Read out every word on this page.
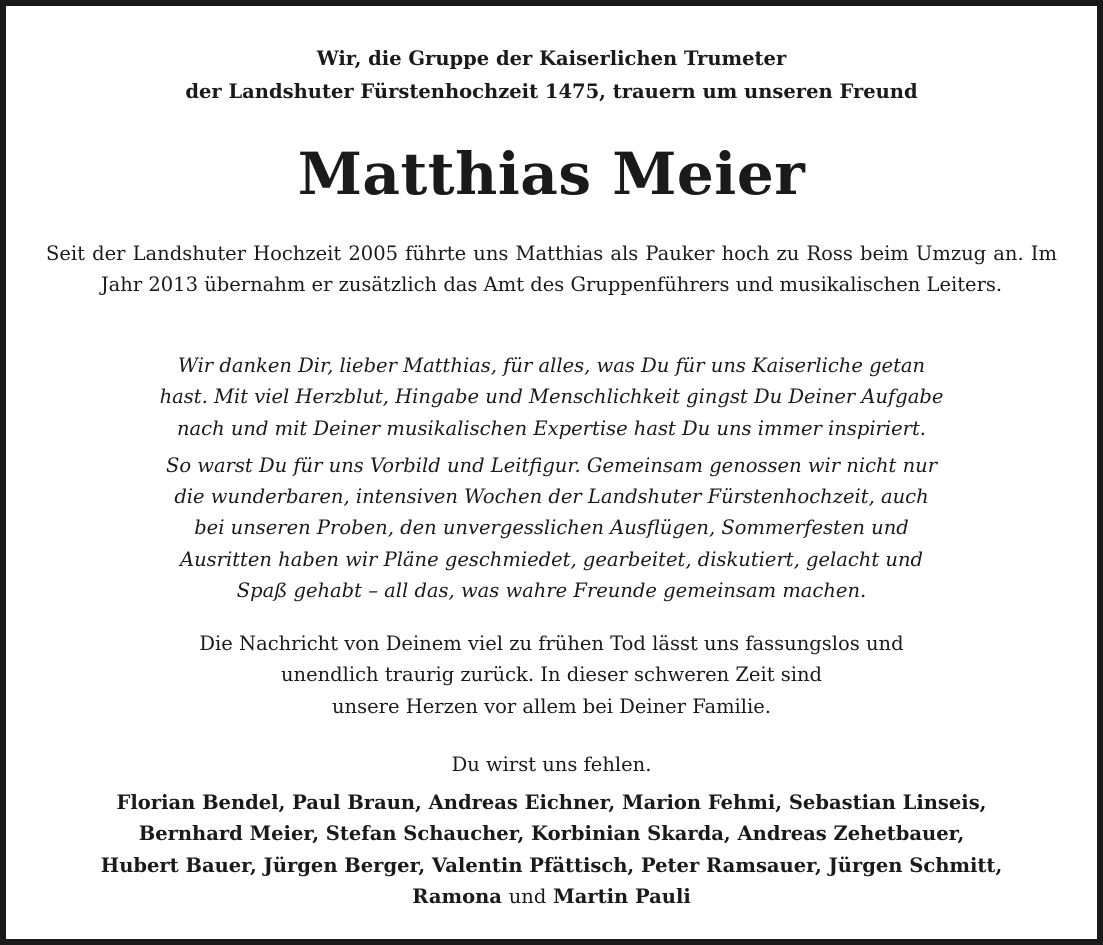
Wir, die Gruppe der Kaiserlichen Trumeter
der Landshuter Fürstenhochzeit 1475, trauern um unseren Freund
Matthias Meier
Seit der Landshuter Hochzeit 2005 führte uns Matthias als Pauker hoch zu Ross beim Umzug an. Im Jahr 2013 übernahm er zusätzlich das Amt des Gruppenführers und musikalischen Leiters.
Wir danken Dir, lieber Matthias, für alles, was Du für uns Kaiserliche getan
hast. Mit viel Herzblut, Hingabe und Menschlichkeit gingst Du Deiner Aufgabe
nach und mit Deiner musikalischen Expertise hast Du uns immer inspiriert.
So warst Du für uns Vorbild und Leitfigur. Gemeinsam genossen wir nicht nur
die wunderbaren, intensiven Wochen der Landshuter Fürstenhochzeit, auch
bei unseren Proben, den unvergesslichen Ausflügen, Sommerfesten und
Ausritten haben wir Pläne geschmiedet, gearbeitet, diskutiert, gelacht und
Spaß gehabt – all das, was wahre Freunde gemeinsam machen.
Die Nachricht von Deinem viel zu frühen Tod lässt uns fassungslos und
unendlich traurig zurück. In dieser schweren Zeit sind
unsere Herzen vor allem bei Deiner Familie.
Du wirst uns fehlen.
Florian Bendel, Paul Braun, Andreas Eichner, Marion Fehmi, Sebastian Linseis,
Bernhard Meier, Stefan Schaucher, Korbinian Skarda, Andreas Zehetbauer,
Hubert Bauer, Jürgen Berger, Valentin Pfättisch, Peter Ramsauer, Jürgen Schmitt,
Ramona und Martin Pauli
